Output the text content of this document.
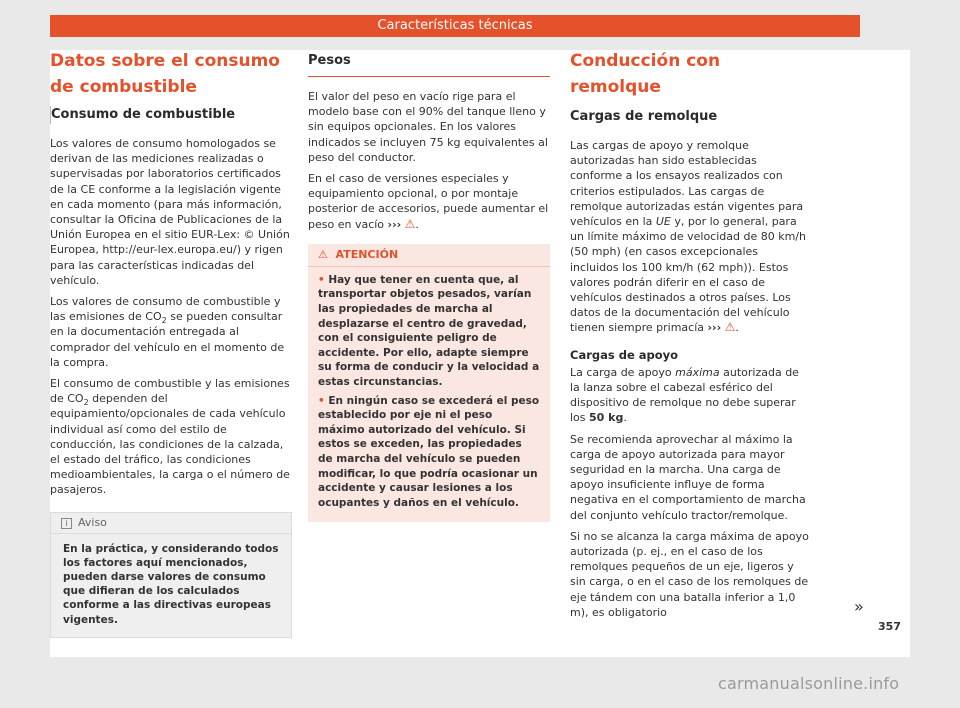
Características técnicas
Datos sobre el consumo de combustible
Consumo de combustible

Los valores de consumo homologados se derivan de las mediciones realizadas o supervisadas por laboratorios certificados de la CE conforme a la legislación vigente en cada momento (para más información, consultar la Oficina de Publicaciones de la Unión Europea en el sitio EUR-Lex: © Unión Europea, http://eur-lex.europa.eu/) y rigen para las características indicadas del vehículo.

Los valores de consumo de combustible y las emisiones de $CO_2$ se pueden consultar en la documentación entregada al comprador del vehículo en el momento de la compra.

El consumo de combustible y las emisiones de $CO_2$ dependen del equipamiento/opcionales de cada vehículo individual así como del estilo de conducción, las condiciones de la calzada, el estado del tráfico, las condiciones medioambientales, la carga o el número de pasajeros.

i Aviso
En la práctica, y considerando todos los factores aquí mencionados, pueden darse valores de consumo que difieran de los calculados conforme a las directivas europeas vigentes.
Pesos

El valor del peso en vacío rige para el modelo base con el 90% del tanque lleno y sin equipos opcionales. En los valores indicados se incluyen 75 kg equivalentes al peso del conductor.

En el caso de versiones especiales y equipamiento opcional, o por montaje posterior de accesorios, puede aumentar el peso en vacío ››› ⚠.

⚠ ATENCIÓN
• Hay que tener en cuenta que, al transportar objetos pesados, varían las propiedades de marcha al desplazarse el centro de gravedad, con el consiguiente peligro de accidente. Por ello, adapte siempre su forma de conducir y la velocidad a estas circunstancias.
• En ningún caso se excederá el peso establecido por eje ni el peso máximo autorizado del vehículo. Si estos se exceden, las propiedades de marcha del vehículo se pueden modificar, lo que podría ocasionar un accidente y causar lesiones a los ocupantes y daños en el vehículo.
Conducción con remolque
Cargas de remolque

Las cargas de apoyo y remolque autorizadas han sido establecidas conforme a los ensayos realizados con criterios estipulados. Las cargas de remolque autorizadas están vigentes para vehículos en la UE y, por lo general, para un límite máximo de velocidad de 80 km/h (50 mph) (en casos excepcionales incluidos los 100 km/h (62 mph)). Estos valores podrán diferir en el caso de vehículos destinados a otros países. Los datos de la documentación del vehículo tienen siempre primacía ››› ⚠.

Cargas de apoyo

La carga de apoyo máxima autorizada de la lanza sobre el cabezal esférico del dispositivo de remolque no debe superar los 50 kg.

Se recomienda aprovechar al máximo la carga de apoyo autorizada para mayor seguridad en la marcha. Una carga de apoyo insuficiente influye de forma negativa en el comportamiento de marcha del conjunto vehículo tractor/remolque.

Si no se alcanza la carga máxima de apoyo autorizada (p. ej., en el caso de los remolques pequeños de un eje, ligeros y sin carga, o en el caso de los remolques de eje tándem con una batalla inferior a 1,0 m), es obligatorio	»
357
carmanualsonline.info
